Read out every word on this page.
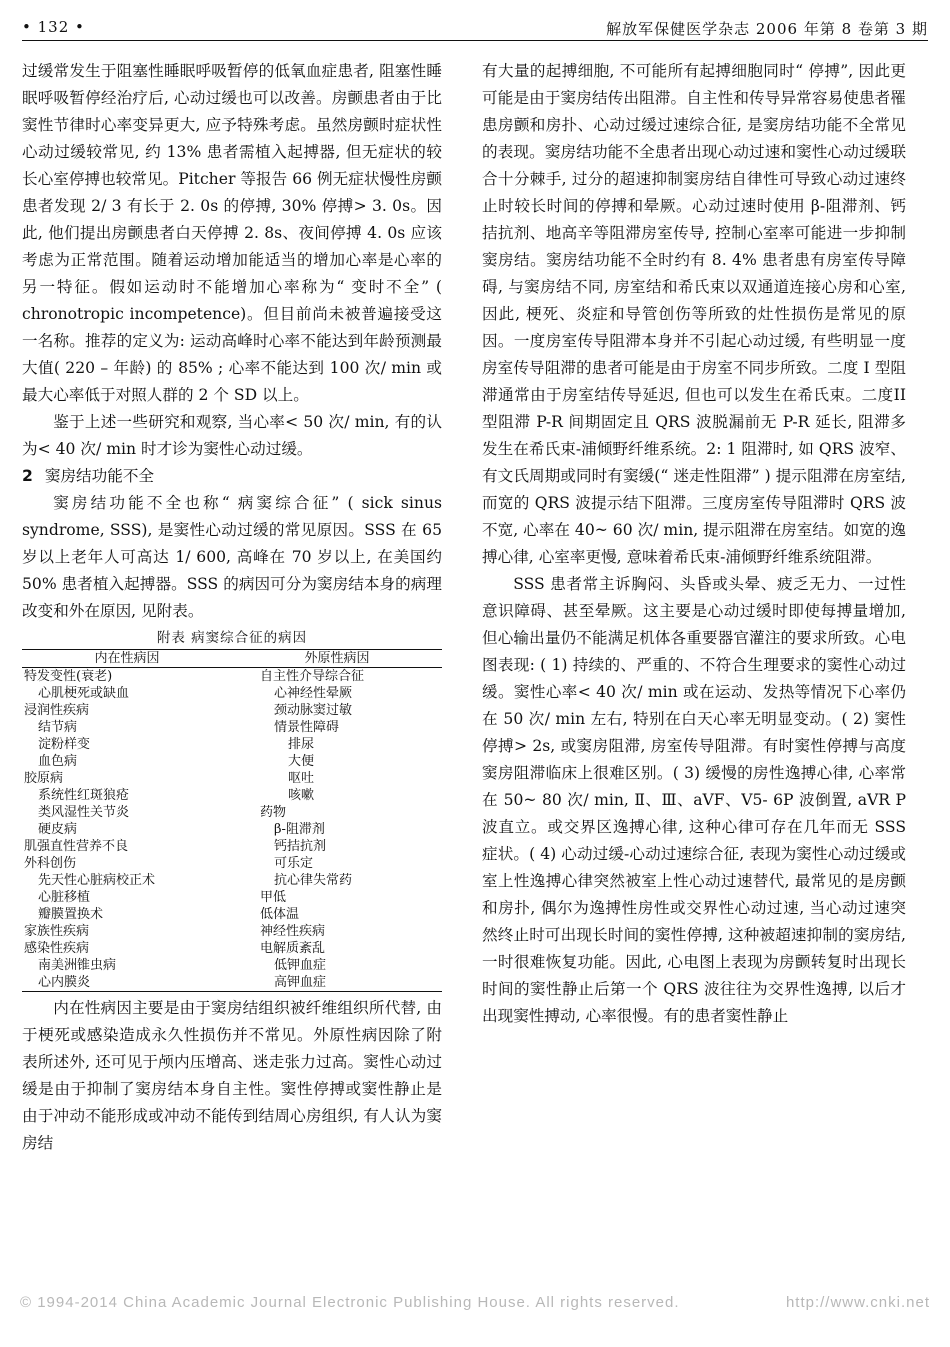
• 132 •	解放军保健医学杂志 2006 年第 8 卷第 3 期

过缓常发生于阻塞性睡眠呼吸暂停的低氧血症患者, 阻塞性睡眠呼吸暂停经治疗后, 心动过缓也可以改善。房颤患者由于比窦性节律时心率变异更大, 应予特殊考虑。虽然房颤时症状性心动过缓较常见, 约 13% 患者需植入起搏器, 但无症状的较长心室停搏也较常见。Pitcher 等报告 66 例无症状慢性房颤患者发现 2/ 3 有长于 2. 0s 的停搏, 30% 停搏> 3. 0s。因此, 他们提出房颤患者白天停搏 2. 8s、夜间停搏 4. 0s 应该考虑为正常范围。随着运动增加能适当的增加心率是心率的另一特征。假如运动时不能增加心率称为“ 变时不全” ( chronotropic incompetence)。但目前尚未被普遍接受这一名称。推荐的定义为: 运动高峰时心率不能达到年龄预测最大值( 220 – 年龄) 的 85% ; 心率不能达到 100 次/ min 或最大心率低于对照人群的 2 个 SD 以上。

鉴于上述一些研究和观察, 当心率< 50 次/ min, 有的认为< 40 次/ min 时才诊为窦性心动过缓。

2 窦房结功能不全

窦房结功能不全也称“ 病窦综合征” ( sick sinus syndrome, SSS), 是窦性心动过缓的常见原因。SSS 在 65 岁以上老年人可高达 1/ 600, 高峰在 70 岁以上, 在美国约 50% 患者植入起搏器。SSS 的病因可分为窦房结本身的病理改变和外在原因, 见附表。

附表 病窦综合征的病因
内在性病因	外原性病因
特发变性(衰老)	自主性介导综合征
心肌梗死或缺血	心神经性晕厥
浸润性疾病	颈动脉窦过敏
结节病	情景性障碍
淀粉样变	排尿
血色病	大便
胶原病	呕吐
系统性红斑狼疮	咳嗽
类风湿性关节炎	药物
硬皮病	β-阻滞剂
肌强直性营养不良	钙拮抗剂
外科创伤	可乐定
先天性心脏病校正术	抗心律失常药
心脏移植	甲低
瓣膜置换术	低体温
家族性疾病	神经性疾病
感染性疾病	电解质紊乱
南美洲锥虫病	低钾血症
心内膜炎	高钾血症

内在性病因主要是由于窦房结组织被纤维组织所代替, 由于梗死或感染造成永久性损伤并不常见。外原性病因除了附表所述外, 还可见于颅内压增高、迷走张力过高。窦性心动过缓是由于抑制了窦房结本身自主性。窦性停搏或窦性静止是由于冲动不能形成或冲动不能传到结周心房组织, 有人认为窦房结

有大量的起搏细胞, 不可能所有起搏细胞同时“ 停搏”, 因此更可能是由于窦房结传出阻滞。自主性和传导异常容易使患者罹患房颤和房扑、心动过缓过速综合征, 是窦房结功能不全常见的表现。窦房结功能不全患者出现心动过速和窦性心动过缓联合十分棘手, 过分的超速抑制窦房结自律性可导致心动过速终止时较长时间的停搏和晕厥。心动过速时使用 β-阻滞剂、钙拮抗剂、地高辛等阻滞房室传导, 控制心室率可能进一步抑制窦房结。窦房结功能不全时约有 8. 4% 患者患有房室传导障碍, 与窦房结不同, 房室结和希氏束以双通道连接心房和心室, 因此, 梗死、炎症和导管创伤等所致的灶性损伤是常见的原因。一度房室传导阻滞本身并不引起心动过缓, 有些明显一度房室传导阻滞的患者可能是由于房室不同步所致。二度 I 型阻滞通常由于房室结传导延迟, 但也可以发生在希氏束。二度II型阻滞 P-R 间期固定且 QRS 波脱漏前无 P-R 延长, 阻滞多发生在希氏束-浦倾野纤维系统。2: 1 阻滞时, 如 QRS 波窄、有文氏周期或同时有窦缓(“ 迷走性阻滞” ) 提示阻滞在房室结, 而宽的 QRS 波提示结下阻滞。三度房室传导阻滞时 QRS 波不宽, 心率在 40~ 60 次/ min, 提示阻滞在房室结。如宽的逸搏心律, 心室率更慢, 意味着希氏束-浦倾野纤维系统阻滞。

SSS 患者常主诉胸闷、头昏或头晕、疲乏无力、一过性意识障碍、甚至晕厥。这主要是心动过缓时即使每搏量增加, 但心输出量仍不能满足机体各重要器官灌注的要求所致。心电图表现: ( 1) 持续的、严重的、不符合生理要求的窦性心动过缓。窦性心率< 40 次/ min 或在运动、发热等情况下心率仍在 50 次/ min 左右, 特别在白天心率无明显变动。( 2) 窦性停搏> 2s, 或窦房阻滞, 房室传导阻滞。有时窦性停搏与高度窦房阻滞临床上很难区别。( 3) 缓慢的房性逸搏心律, 心率常在 50~ 80 次/ min, Ⅱ、Ⅲ、aVF、V5- 6P 波倒置, aVR P 波直立。或交界区逸搏心律, 这种心律可存在几年而无 SSS 症状。( 4) 心动过缓-心动过速综合征, 表现为窦性心动过缓或室上性逸搏心律突然被室上性心动过速替代, 最常见的是房颤和房扑, 偶尔为逸搏性房性或交界性心动过速, 当心动过速突然终止时可出现长时间的窦性停搏, 这种被超速抑制的窦房结, 一时很难恢复功能。因此, 心电图上表现为房颤转复时出现长时间的窦性静止后第一个 QRS 波往往为交界性逸搏, 以后才出现窦性搏动, 心率很慢。有的患者窦性静止

© 1994-2014 China Academic Journal Electronic Publishing House. All rights reserved.	http://www.cnki.net
